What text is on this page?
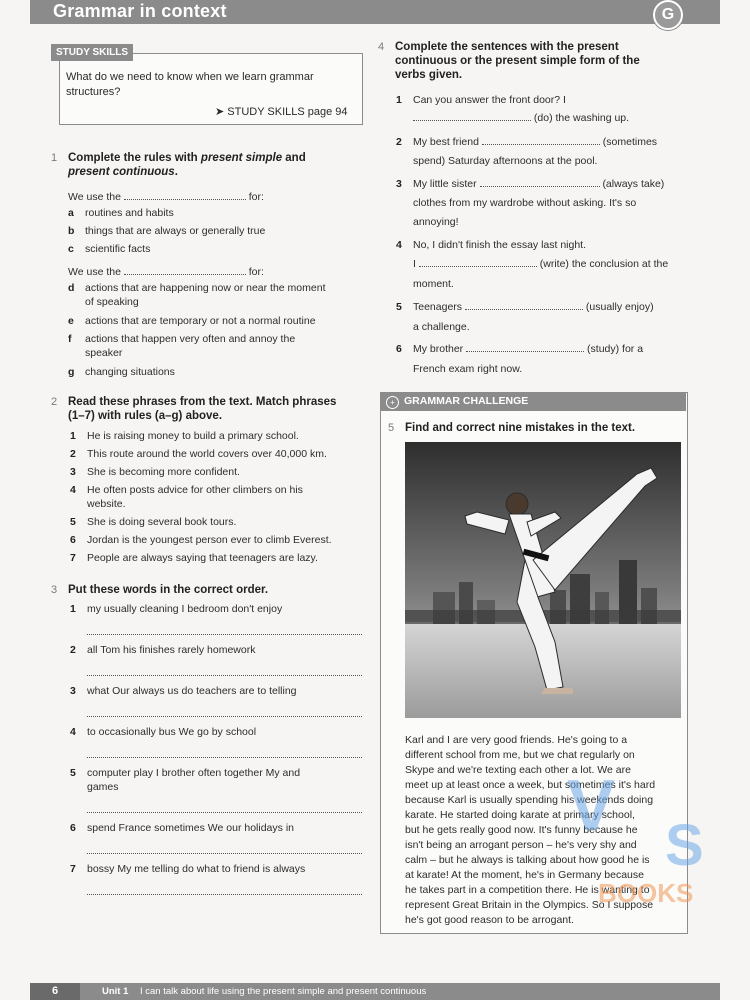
Grammar in context	G
STUDY SKILLS
What do we need to know when we learn grammar structures?
➤ STUDY SKILLS page 94
1 Complete the rules with present simple and
present continuous.
We use the	for:
a routines and habits
b things that are always or generally true
c scientific facts
We use the	for:
d actions that are happening now or near the moment
of speaking
e actions that are temporary or not a normal routine
f actions that happen very often and annoy the
speaker
g changing situations
2 Read these phrases from the text. Match phrases
(1–7) with rules (a–g) above.
1 He is raising money to build a primary school.
2 This route around the world covers over 40,000 km.
3 She is becoming more confident.
4 He often posts advice for other climbers on his
website.
5 She is doing several book tours.
6 Jordan is the youngest person ever to climb Everest.
7 People are always saying that teenagers are lazy.
3 Put these words in the correct order.
1 my usually cleaning I bedroom don't enjoy
2 all Tom his finishes rarely homework
3 what Our always us do teachers are to telling
4 to occasionally bus We go by school
5 computer play I brother often together My and
games
6 spend France sometimes We our holidays in
7 bossy My me telling do what to friend is always
4 Complete the sentences with the present
continuous or the present simple form of the
verbs given.
1 Can you answer the front door? I
(do) the washing up.
2 My best friend	(sometimes
spend) Saturday afternoons at the pool.
3 My little sister	(always take)
clothes from my wardrobe without asking. It's so
annoying!
4 No, I didn't finish the essay last night.
I	(write) the conclusion at the
moment.
5 Teenagers	(usually enjoy)
a challenge.
6 My brother	(study) for a
French exam right now.
GRAMMAR CHALLENGE
+
5 Find and correct nine mistakes in the text.
Karl and I are very good friends. He's going to a
different school from me, but we chat regularly on
Skype and we're texting each other a lot. We are
meet up at least once a week, but sometimes it's hard
because Karl is usually spending his weekends doing
karate. He started doing karate at primary school,
but he gets really good now. It's funny because he
isn't being an arrogant person – he's very shy and
calm – but he always is talking about how good he is
at karate! At the moment, he's in Germany because
he takes part in a competition there. He is wanting to
represent Great Britain in the Olympics. So I suppose
he's got good reason to be arrogant.
V S
BOOKS
6	Unit 1 I can talk about life using the present simple and present continuous
